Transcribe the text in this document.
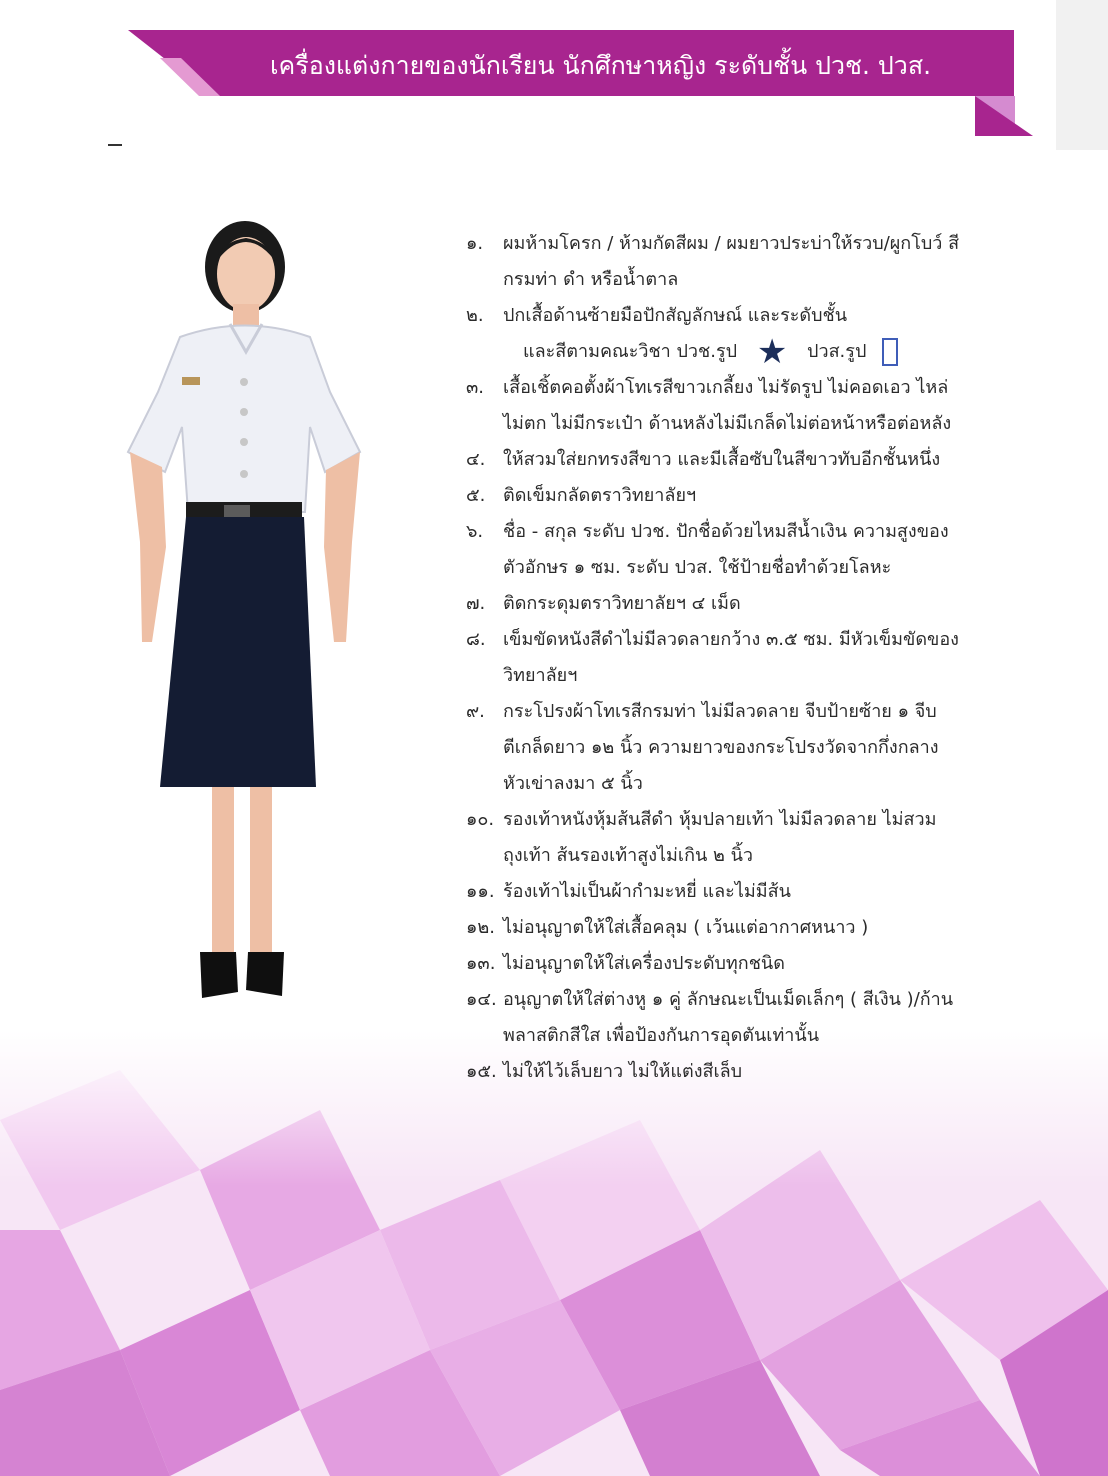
เครื่องแต่งกายของนักเรียน นักศึกษาหญิง ระดับชั้น ปวช. ปวส.
๑. ผมห้ามโครก / ห้ามกัดสีผม / ผมยาวประบ่าให้รวบ/ผูกโบว์ สี
กรมท่า ดำ หรือน้ำตาล
๒. ปกเสื้อด้านซ้ายมือปักสัญลักษณ์ และระดับชั้น
และสีตามคณะวิชา ปวช.รูป ★ ปวส.รูป
๓. เสื้อเชิ้ตคอตั้งผ้าโทเรสีขาวเกลี้ยง ไม่รัดรูป ไม่คอดเอว ไหล่
ไม่ตก ไม่มีกระเป๋า ด้านหลังไม่มีเกล็ดไม่ต่อหน้าหรือต่อหลัง
๔. ให้สวมใส่ยกทรงสีขาว และมีเสื้อซับในสีขาวทับอีกชั้นหนึ่ง
๕. ติดเข็มกลัดตราวิทยาลัยฯ
๖. ชื่อ - สกุล ระดับ ปวช. ปักชื่อด้วยไหมสีน้ำเงิน ความสูงของ
ตัวอักษร ๑ ซม. ระดับ ปวส. ใช้ป้ายชื่อทำด้วยโลหะ
๗. ติดกระดุมตราวิทยาลัยฯ ๔ เม็ด
๘. เข็มขัดหนังสีดำไม่มีลวดลายกว้าง ๓.๕ ซม. มีหัวเข็มขัดของ
วิทยาลัยฯ
๙. กระโปรงผ้าโทเรสีกรมท่า ไม่มีลวดลาย จีบป้ายซ้าย ๑ จีบ
ตีเกล็ดยาว ๑๒ นิ้ว ความยาวของกระโปรงวัดจากกึ่งกลาง
หัวเข่าลงมา ๕ นิ้ว
๑๐. รองเท้าหนังหุ้มส้นสีดำ หุ้มปลายเท้า ไม่มีลวดลาย ไม่สวม
ถุงเท้า ส้นรองเท้าสูงไม่เกิน ๒ นิ้ว
๑๑. ร้องเท้าไม่เป็นผ้ากำมะหยี่ และไม่มีส้น
๑๒. ไม่อนุญาตให้ใส่เสื้อคลุม ( เว้นแต่อากาศหนาว )
๑๓. ไม่อนุญาตให้ใส่เครื่องประดับทุกชนิด
๑๔. อนุญาตให้ใส่ต่างหู ๑ คู่ ลักษณะเป็นเม็ดเล็กๆ ( สีเงิน )/ก้าน
พลาสติกสีใส เพื่อป้องกันการอุดตันเท่านั้น
๑๕. ไม่ให้ไว้เล็บยาว ไม่ให้แต่งสีเล็บ
